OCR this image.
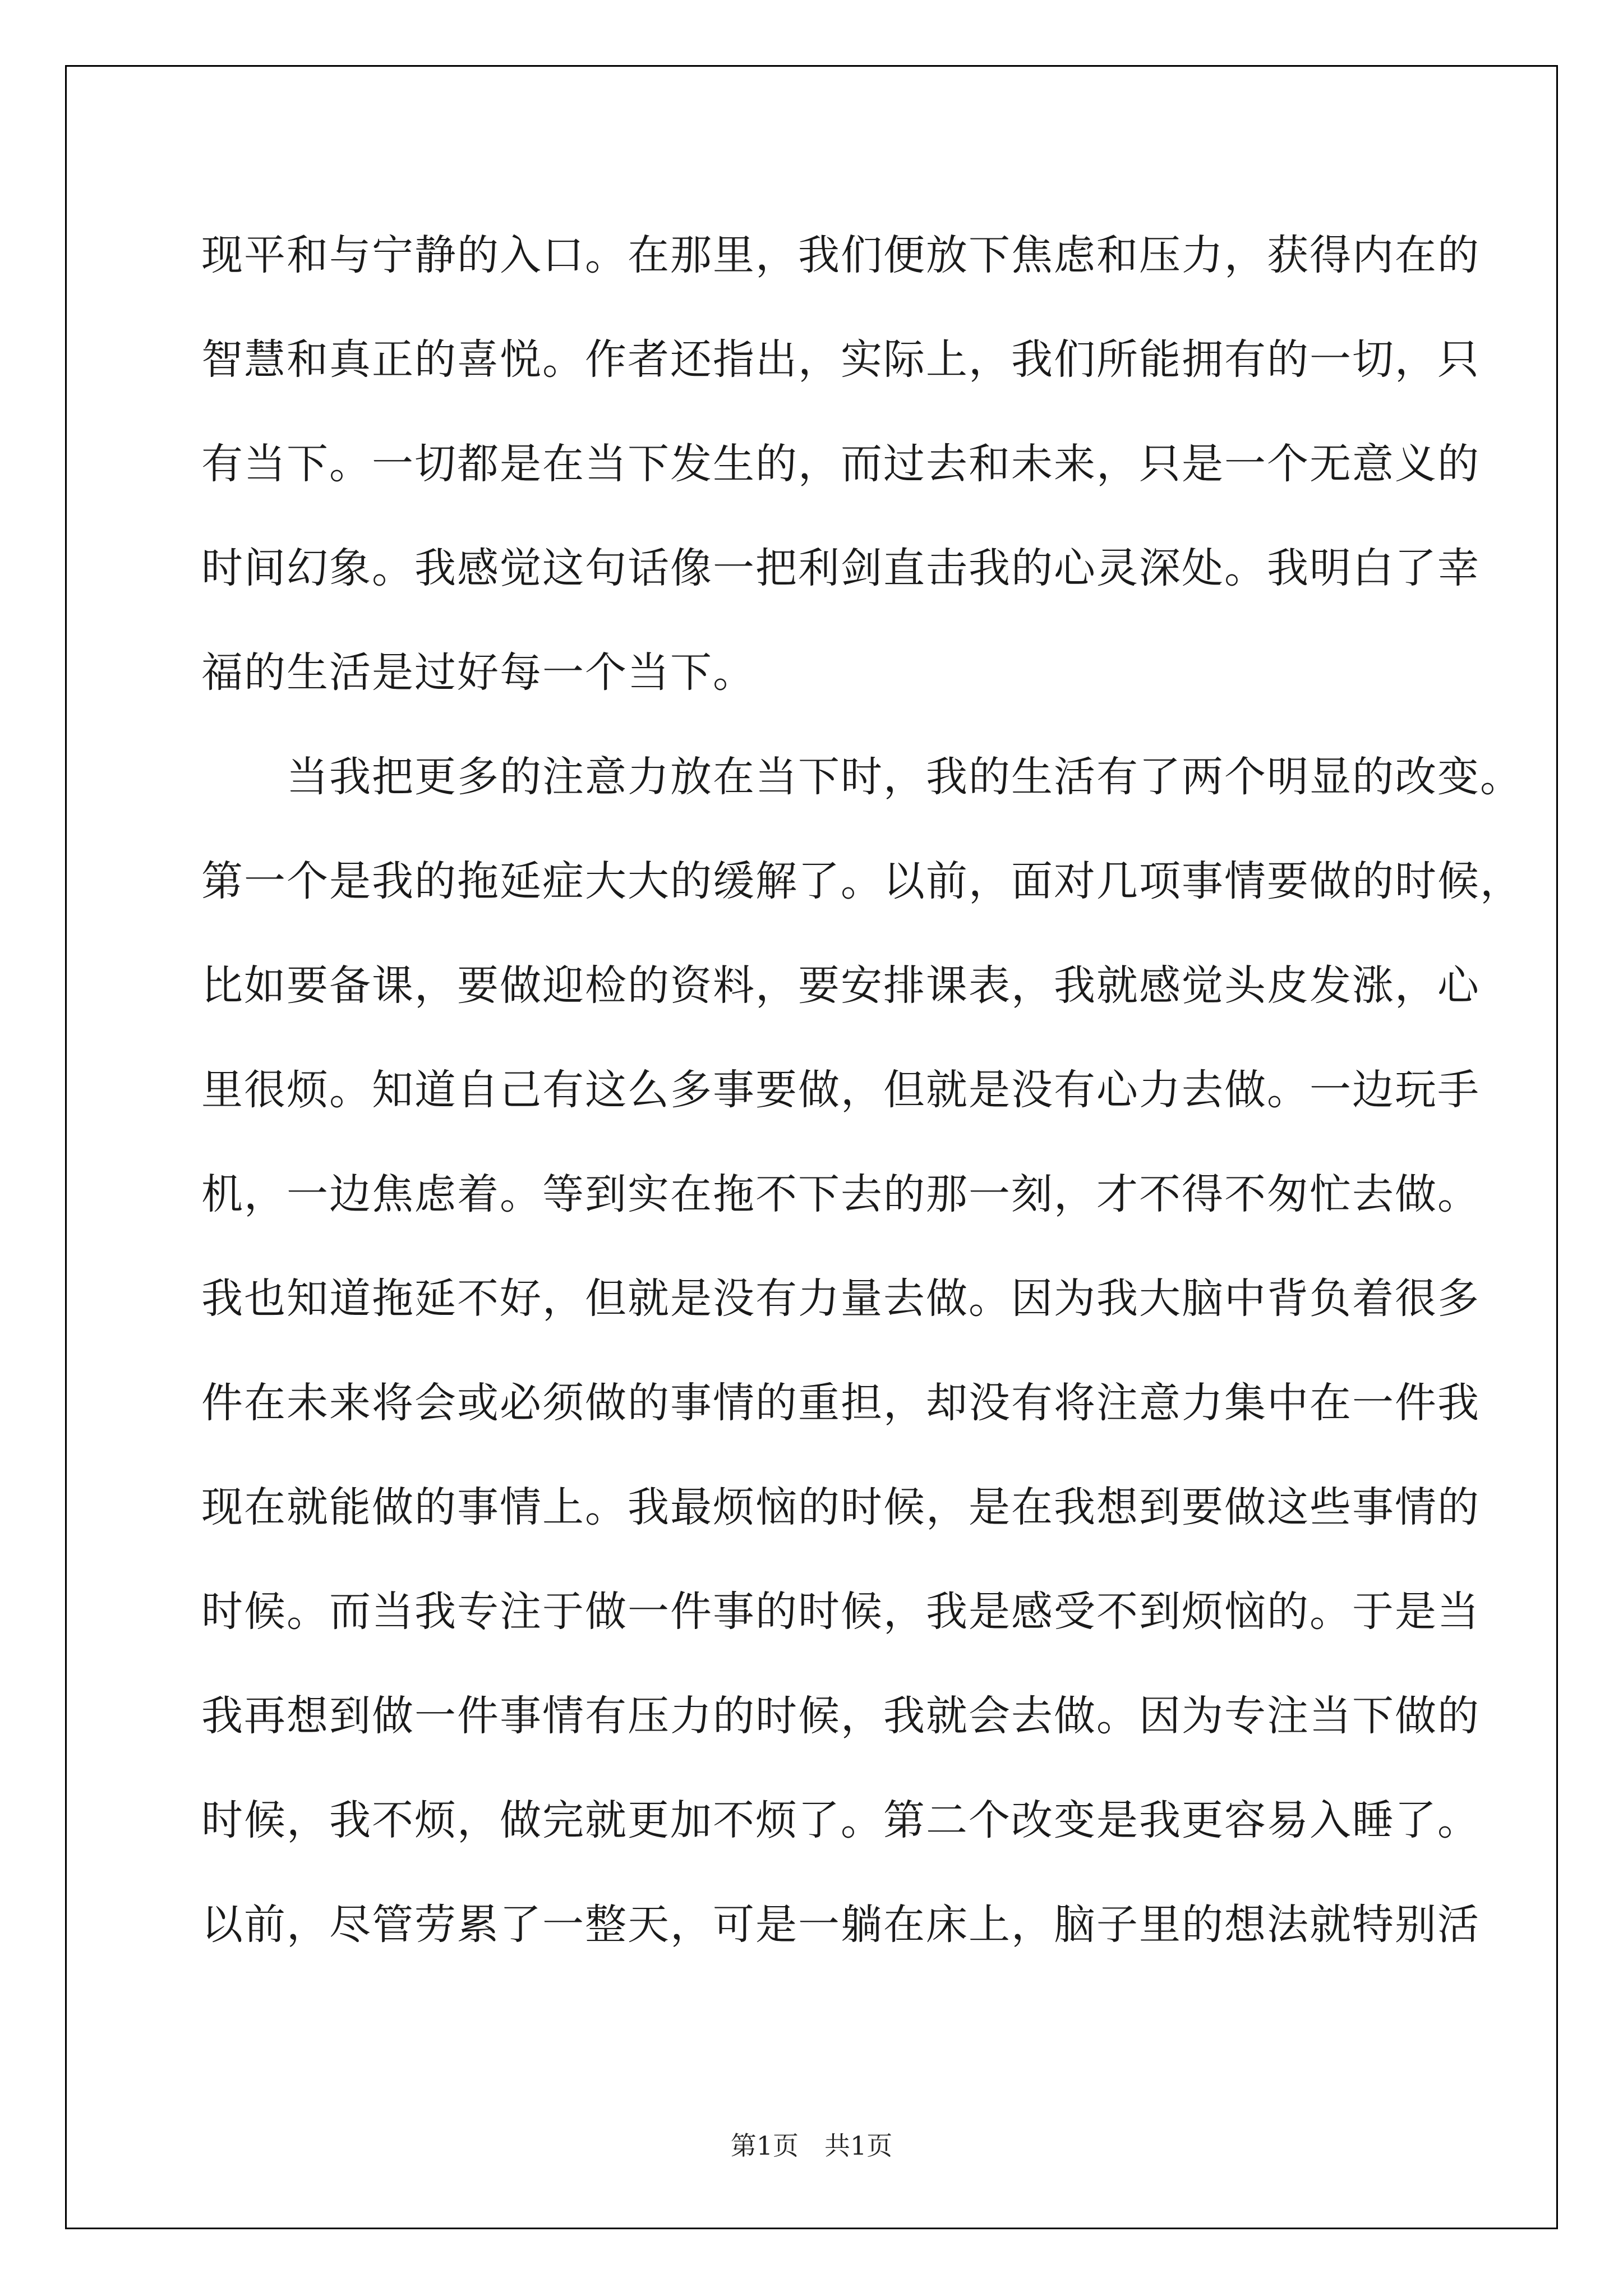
现平和与宁静的入口。在那里，我们便放下焦虑和压力，获得内在的
智慧和真正的喜悦。作者还指出，实际上，我们所能拥有的一切，只
有当下。一切都是在当下发生的，而过去和未来，只是一个无意义的
时间幻象。我感觉这句话像一把利剑直击我的心灵深处。我明白了幸
福的生活是过好每一个当下。
　　当我把更多的注意力放在当下时，我的生活有了两个明显的改变。
第一个是我的拖延症大大的缓解了。以前，面对几项事情要做的时候，
比如要备课，要做迎检的资料，要安排课表，我就感觉头皮发涨，心
里很烦。知道自己有这么多事要做，但就是没有心力去做。一边玩手
机，一边焦虑着。等到实在拖不下去的那一刻，才不得不匆忙去做。
我也知道拖延不好，但就是没有力量去做。因为我大脑中背负着很多
件在未来将会或必须做的事情的重担，却没有将注意力集中在一件我
现在就能做的事情上。我最烦恼的时候，是在我想到要做这些事情的
时候。而当我专注于做一件事的时候，我是感受不到烦恼的。于是当
我再想到做一件事情有压力的时候，我就会去做。因为专注当下做的
时候，我不烦，做完就更加不烦了。第二个改变是我更容易入睡了。
以前，尽管劳累了一整天，可是一躺在床上，脑子里的想法就特别活
第1页 共1页
